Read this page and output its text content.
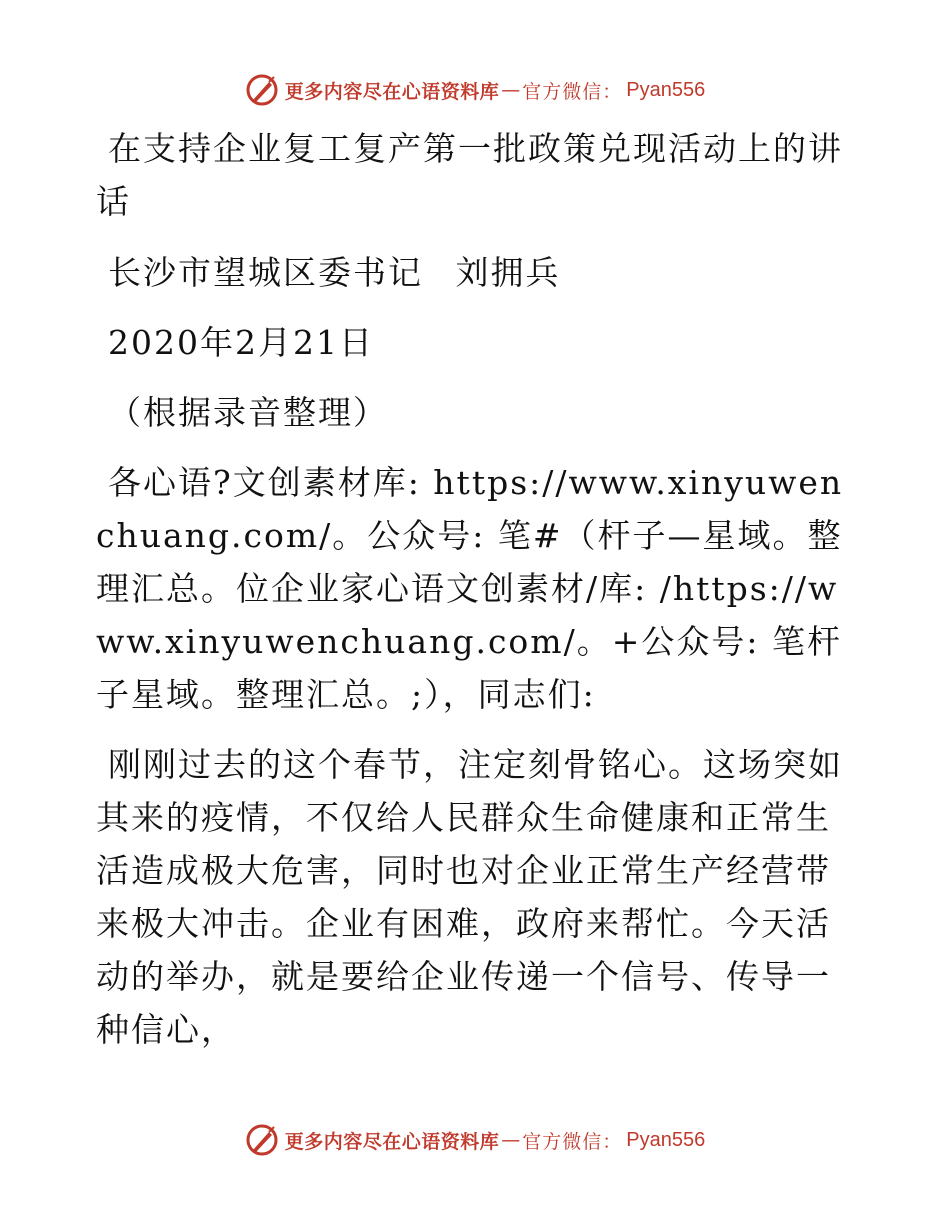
更多内容尽在心语资料库 — 官方微信： Pyan556

在支持企业复工复产第一批政策兑现活动上的讲话

长沙市望城区委书记 刘拥兵

2020年2月21日

（根据录音整理）

各心语?文创素材库: https://www.xinyuwenchuang.com/。公众号: 笔#（杆子—星域。整理汇总。位企业家心语文创素材/库: /https://www.xinyuwenchuang.com/。+公众号: 笔杆子星域。整理汇总。;），同志们:

刚刚过去的这个春节，注定刻骨铭心。这场突如其来的疫情，不仅给人民群众生命健康和正常生活造成极大危害，同时也对企业正常生产经营带来极大冲击。企业有困难，政府来帮忙。今天活动的举办，就是要给企业传递一个信号、传导一种信心，

更多内容尽在心语资料库 — 官方微信： Pyan556
